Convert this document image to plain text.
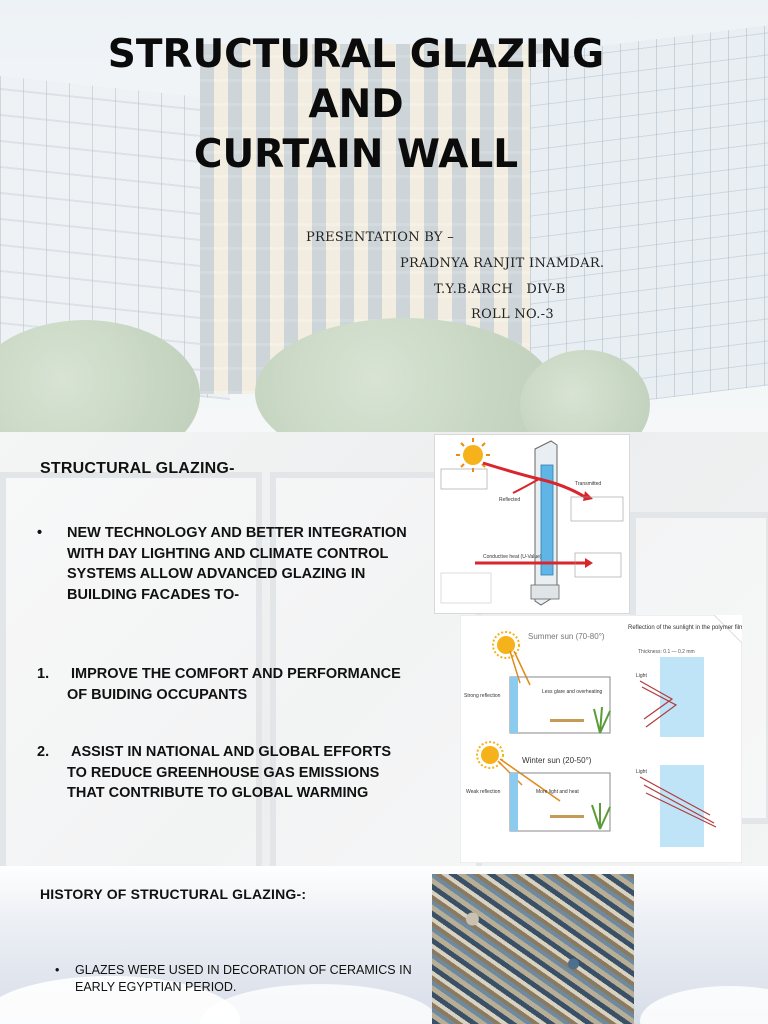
STRUCTURAL GLAZING
AND
CURTAIN WALL
PRESENTATION BY –
PRADNYA RANJIT INAMDAR.
T.Y.B.ARCH   DIV-B
ROLL NO.-3
STRUCTURAL GLAZING-
• NEW TECHNOLOGY AND BETTER INTEGRATION WITH DAY LIGHTING AND CLIMATE CONTROL SYSTEMS ALLOW ADVANCED GLAZING IN BUILDING FACADES TO-
1. IMPROVE THE COMFORT AND PERFORMANCE OF BUIDING OCCUPANTS
2. ASSIST IN NATIONAL AND GLOBAL EFFORTS TO REDUCE GREENHOUSE GAS EMISSIONS THAT CONTRIBUTE TO GLOBAL WARMING
Reflected
Transmitted
Conductive heat (U-Value)
Summer sun (70-80°)
Strong reflection
Less glare and overheating
Reflection of the sunlight in the polymer film
Thickness: 0.1 — 0.2 mm
Light
Winter sun (20-50°)
Weak reflection	More light and heat
Light
HISTORY OF STRUCTURAL GLAZING-:
• GLAZES WERE USED IN DECORATION OF CERAMICS IN EARLY EGYPTIAN PERIOD.
